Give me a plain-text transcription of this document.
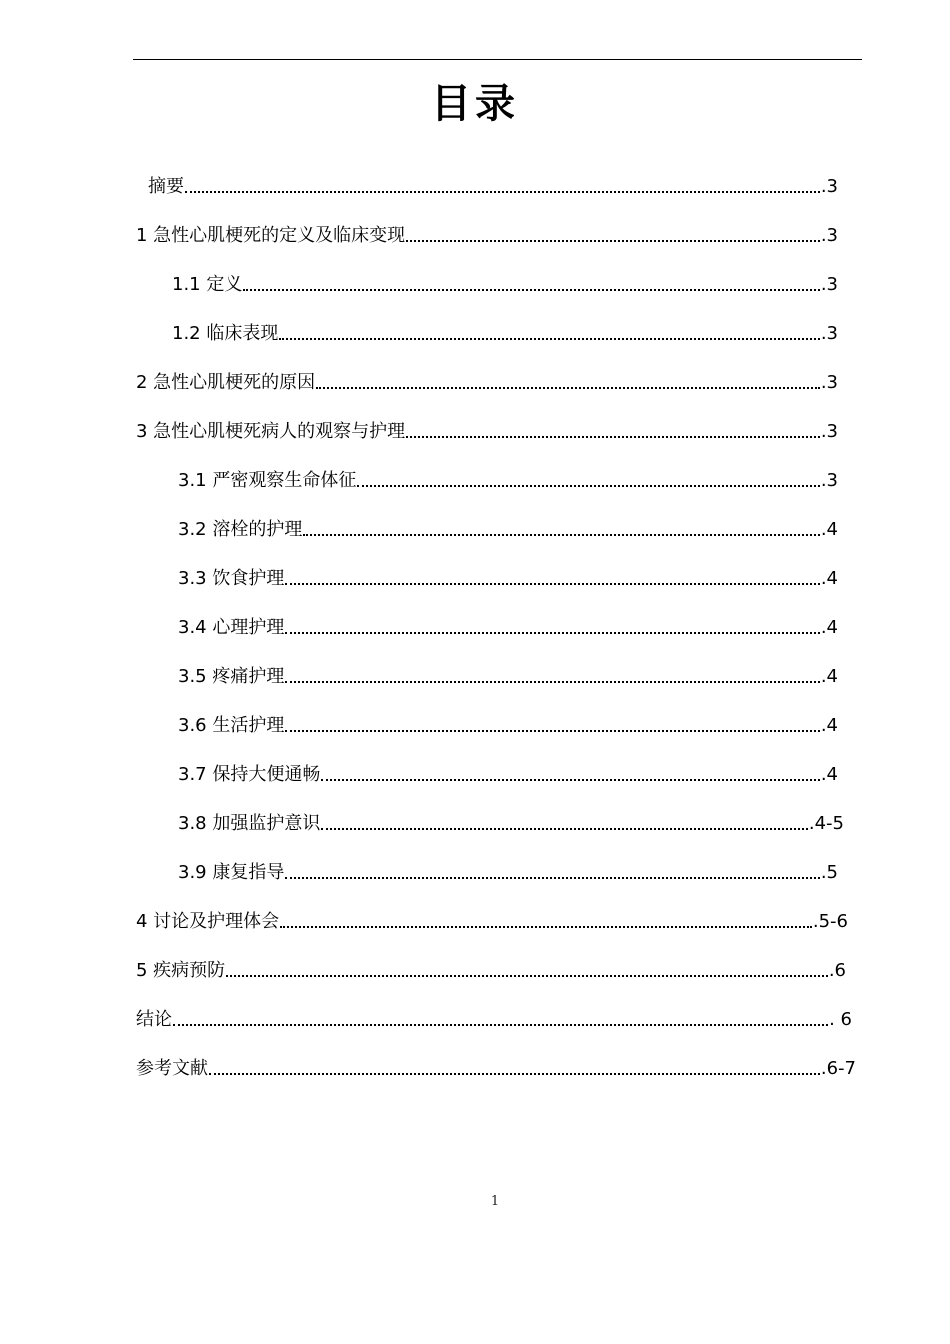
目录
摘要	.3
1 急性心肌梗死的定义及临床变现	.3
1.1 定义	.3
1.2 临床表现	.3
2 急性心肌梗死的原因	.3
3 急性心肌梗死病人的观察与护理	.3
3.1 严密观察生命体征	.3
3.2 溶栓的护理	.4
3.3 饮食护理	.4
3.4 心理护理	.4
3.5 疼痛护理	.4
3.6 生活护理	.4
3.7 保持大便通畅	.4
3.8 加强监护意识	.4-5
3.9 康复指导	.5
4 讨论及护理体会	.5-6
5 疾病预防	.6
结论	. 6
参考文献	.6-7
1
